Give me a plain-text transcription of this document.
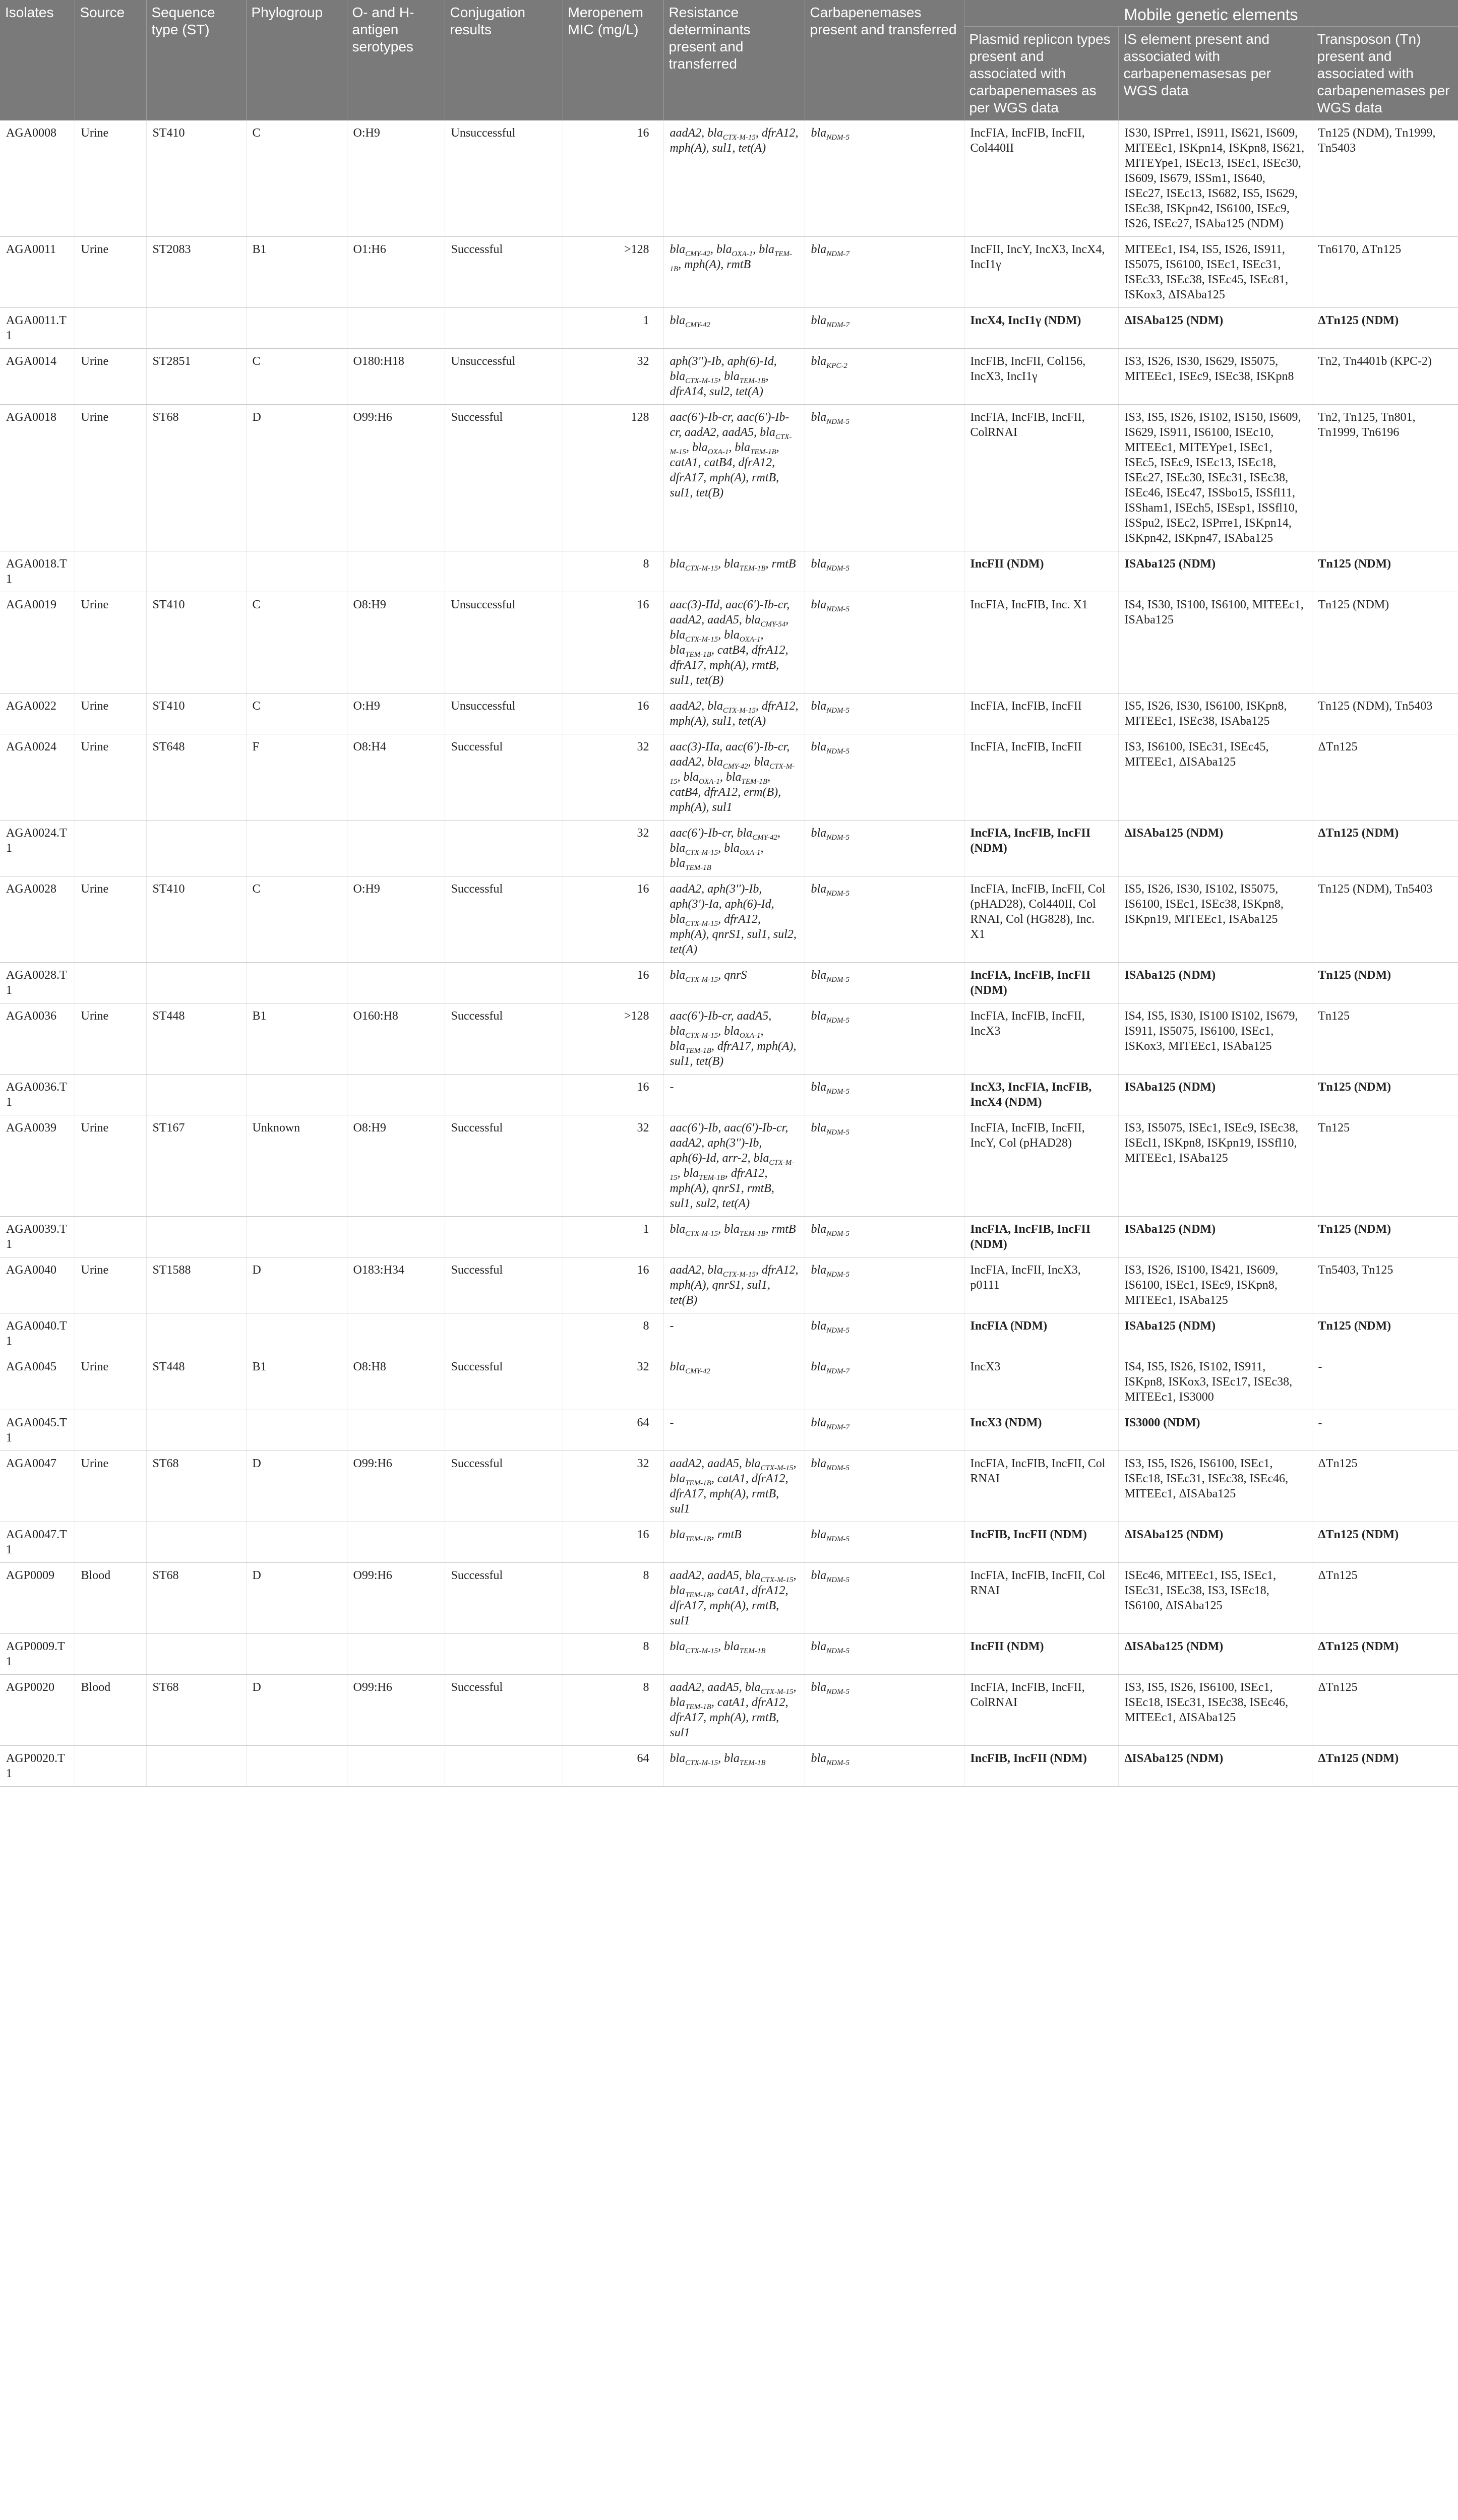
Isolates	Source	Sequence type (ST)	Phylogroup	O- and H-antigen serotypes	Conjugation results	Meropenem MIC (mg/L)	Resistance determinants present and transferred	Carbapenemases present and transferred	Mobile genetic elements		
									Plasmid replicon types present and associated with carbapenemases as per WGS data	IS element present and associated with carbapenemasesas per WGS data	Transposon (Tn) present and associated with carbapenemases per WGS data
AGA0008	Urine	ST410	C	O:H9	Unsuccessful	16	aadA2, bla$_{CTX-M-15}$, dfrA12, mph(A), sul1, tet(A)	bla$_{NDM-5}$	IncFIA, IncFIB, IncFII, Col440II	IS30, ISPrre1, IS911, IS621, IS609, MITEEc1, ISKpn14, ISKpn8, IS621, MITEYpe1, ISEc13, ISEc1, ISEc30, IS609, IS679, ISSm1, IS640, ISEc27, ISEc13, IS682, IS5, IS629, ISEc38, ISKpn42, IS6100, ISEc9, IS26, ISEc27, ISAba125 (NDM)	Tn125 (NDM), Tn1999, Tn5403
AGA0011	Urine	ST2083	B1	O1:H6	Successful	>128	bla$_{CMY-42}$, bla$_{OXA-1}$, bla$_{TEM-1B}$, mph(A), rmtB	bla$_{NDM-7}$	IncFII, IncY, IncX3, IncX4, IncI1γ	MITEEc1, IS4, IS5, IS26, IS911, IS5075, IS6100, ISEc1, ISEc31, ISEc33, ISEc38, ISEc45, ISEc81, ISKox3, ΔISAba125	Tn6170, ΔTn125
AGA0011.T1						1	bla$_{CMY-42}$	bla$_{NDM-7}$	IncX4, IncI1γ (NDM)	ΔISAba125 (NDM)	ΔTn125 (NDM)
AGA0014	Urine	ST2851	C	O180:H18	Unsuccessful	32	aph(3'')-Ib, aph(6)-Id, bla$_{CTX-M-15}$, bla$_{TEM-1B}$, dfrA14, sul2, tet(A)	bla$_{KPC-2}$	IncFIB, IncFII, Col156, IncX3, IncI1γ	IS3, IS26, IS30, IS629, IS5075, MITEEc1, ISEc9, ISEc38, ISKpn8	Tn2, Tn4401b (KPC-2)
AGA0018	Urine	ST68	D	O99:H6	Successful	128	aac(6')-Ib-cr, aac(6')-Ib-cr, aadA2, aadA5, bla$_{CTX-M-15}$, bla$_{OXA-1}$, bla$_{TEM-1B}$, catA1, catB4, dfrA12, dfrA17, mph(A), rmtB, sul1, tet(B)	bla$_{NDM-5}$	IncFIA, IncFIB, IncFII, ColRNAI	IS3, IS5, IS26, IS102, IS150, IS609, IS629, IS911, IS6100, ISEc10, MITEEc1, MITEYpe1, ISEc1, ISEc5, ISEc9, ISEc13, ISEc18, ISEc27, ISEc30, ISEc31, ISEc38, ISEc46, ISEc47, ISSbo15, ISSfl11, ISSham1, ISEch5, ISEsp1, ISSfl10, ISSpu2, ISEc2, ISPrre1, ISKpn14, ISKpn42, ISKpn47, ISAba125	Tn2, Tn125, Tn801, Tn1999, Tn6196
AGA0018.T1						8	bla$_{CTX-M-15}$, bla$_{TEM-1B}$, rmtB	bla$_{NDM-5}$	IncFII (NDM)	ISAba125 (NDM)	Tn125 (NDM)
AGA0019	Urine	ST410	C	O8:H9	Unsuccessful	16	aac(3)-IId, aac(6')-Ib-cr, aadA2, aadA5, bla$_{CMY-54}$, bla$_{CTX-M-15}$, bla$_{OXA-1}$, bla$_{TEM-1B}$, catB4, dfrA12, dfrA17, mph(A), rmtB, sul1, tet(B)	bla$_{NDM-5}$	IncFIA, IncFIB, Inc. X1	IS4, IS30, IS100, IS6100, MITEEc1, ISAba125	Tn125 (NDM)
AGA0022	Urine	ST410	C	O:H9	Unsuccessful	16	aadA2, bla$_{CTX-M-15}$, dfrA12, mph(A), sul1, tet(A)	bla$_{NDM-5}$	IncFIA, IncFIB, IncFII	IS5, IS26, IS30, IS6100, ISKpn8, MITEEc1, ISEc38, ISAba125	Tn125 (NDM), Tn5403
AGA0024	Urine	ST648	F	O8:H4	Successful	32	aac(3)-IIa, aac(6')-Ib-cr, aadA2, bla$_{CMY-42}$, bla$_{CTX-M-15}$, bla$_{OXA-1}$, bla$_{TEM-1B}$, catB4, dfrA12, erm(B), mph(A), sul1	bla$_{NDM-5}$	IncFIA, IncFIB, IncFII	IS3, IS6100, ISEc31, ISEc45, MITEEc1, ΔISAba125	ΔTn125
AGA0024.T1						32	aac(6')-Ib-cr, bla$_{CMY-42}$, bla$_{CTX-M-15}$, bla$_{OXA-1}$, bla$_{TEM-1B}$	bla$_{NDM-5}$	IncFIA, IncFIB, IncFII (NDM)	ΔISAba125 (NDM)	ΔTn125 (NDM)
AGA0028	Urine	ST410	C	O:H9	Successful	16	aadA2, aph(3'')-Ib, aph(3')-Ia, aph(6)-Id, bla$_{CTX-M-15}$, dfrA12, mph(A), qnrS1, sul1, sul2, tet(A)	bla$_{NDM-5}$	IncFIA, IncFIB, IncFII, Col (pHAD28), Col440II, Col RNAI, Col (HG828), Inc. X1	IS5, IS26, IS30, IS102, IS5075, IS6100, ISEc1, ISEc38, ISKpn8, ISKpn19, MITEEc1, ISAba125	Tn125 (NDM), Tn5403
AGA0028.T1						16	bla$_{CTX-M-15}$, qnrS	bla$_{NDM-5}$	IncFIA, IncFIB, IncFII (NDM)	ISAba125 (NDM)	Tn125 (NDM)
AGA0036	Urine	ST448	B1	O160:H8	Successful	>128	aac(6')-Ib-cr, aadA5, bla$_{CTX-M-15}$, bla$_{OXA-1}$, bla$_{TEM-1B}$, dfrA17, mph(A), sul1, tet(B)	bla$_{NDM-5}$	IncFIA, IncFIB, IncFII, IncX3	IS4, IS5, IS30, IS100 IS102, IS679, IS911, IS5075, IS6100, ISEc1, ISKox3, MITEEc1, ISAba125	Tn125
AGA0036.T1						16	-	bla$_{NDM-5}$	IncX3, IncFIA, IncFIB, IncX4 (NDM)	ISAba125 (NDM)	Tn125 (NDM)
AGA0039	Urine	ST167	Unknown	O8:H9	Successful	32	aac(6')-Ib, aac(6')-Ib-cr, aadA2, aph(3'')-Ib, aph(6)-Id, arr-2, bla$_{CTX-M-15}$, bla$_{TEM-1B}$, dfrA12, mph(A), qnrS1, rmtB, sul1, sul2, tet(A)	bla$_{NDM-5}$	IncFIA, IncFIB, IncFII, IncY, Col (pHAD28)	IS3, IS5075, ISEc1, ISEc9, ISEc38, ISEcl1, ISKpn8, ISKpn19, ISSfl10, MITEEc1, ISAba125	Tn125
AGA0039.T1						1	bla$_{CTX-M-15}$, bla$_{TEM-1B}$, rmtB	bla$_{NDM-5}$	IncFIA, IncFIB, IncFII (NDM)	ISAba125 (NDM)	Tn125 (NDM)
AGA0040	Urine	ST1588	D	O183:H34	Successful	16	aadA2, bla$_{CTX-M-15}$, dfrA12, mph(A), qnrS1, sul1, tet(B)	bla$_{NDM-5}$	IncFIA, IncFII, IncX3, p0111	IS3, IS26, IS100, IS421, IS609, IS6100, ISEc1, ISEc9, ISKpn8, MITEEc1, ISAba125	Tn5403, Tn125
AGA0040.T1						8	-	bla$_{NDM-5}$	IncFIA (NDM)	ISAba125 (NDM)	Tn125 (NDM)
AGA0045	Urine	ST448	B1	O8:H8	Successful	32	bla$_{CMY-42}$	bla$_{NDM-7}$	IncX3	IS4, IS5, IS26, IS102, IS911, ISKpn8, ISKox3, ISEc17, ISEc38, MITEEc1, IS3000	-
AGA0045.T1						64	-	bla$_{NDM-7}$	IncX3 (NDM)	IS3000 (NDM)	-
AGA0047	Urine	ST68	D	O99:H6	Successful	32	aadA2, aadA5, bla$_{CTX-M-15}$, bla$_{TEM-1B}$, catA1, dfrA12, dfrA17, mph(A), rmtB, sul1	bla$_{NDM-5}$	IncFIA, IncFIB, IncFII, Col RNAI	IS3, IS5, IS26, IS6100, ISEc1, ISEc18, ISEc31, ISEc38, ISEc46, MITEEc1, ΔISAba125	ΔTn125
AGA0047.T1						16	bla$_{TEM-1B}$, rmtB	bla$_{NDM-5}$	IncFIB, IncFII (NDM)	ΔISAba125 (NDM)	ΔTn125 (NDM)
AGP0009	Blood	ST68	D	O99:H6	Successful	8	aadA2, aadA5, bla$_{CTX-M-15}$, bla$_{TEM-1B}$, catA1, dfrA12, dfrA17, mph(A), rmtB, sul1	bla$_{NDM-5}$	IncFIA, IncFIB, IncFII, Col RNAI	ISEc46, MITEEc1, IS5, ISEc1, ISEc31, ISEc38, IS3, ISEc18, IS6100, ΔISAba125	ΔTn125
AGP0009.T1						8	bla$_{CTX-M-15}$, bla$_{TEM-1B}$	bla$_{NDM-5}$	IncFII (NDM)	ΔISAba125 (NDM)	ΔTn125 (NDM)
AGP0020	Blood	ST68	D	O99:H6	Successful	8	aadA2, aadA5, bla$_{CTX-M-15}$, bla$_{TEM-1B}$, catA1, dfrA12, dfrA17, mph(A), rmtB, sul1	bla$_{NDM-5}$	IncFIA, IncFIB, IncFII, ColRNAI	IS3, IS5, IS26, IS6100, ISEc1, ISEc18, ISEc31, ISEc38, ISEc46, MITEEc1, ΔISAba125	ΔTn125
AGP0020.T1						64	bla$_{CTX-M-15}$, bla$_{TEM-1B}$	bla$_{NDM-5}$	IncFIB, IncFII (NDM)	ΔISAba125 (NDM)	ΔTn125 (NDM)
